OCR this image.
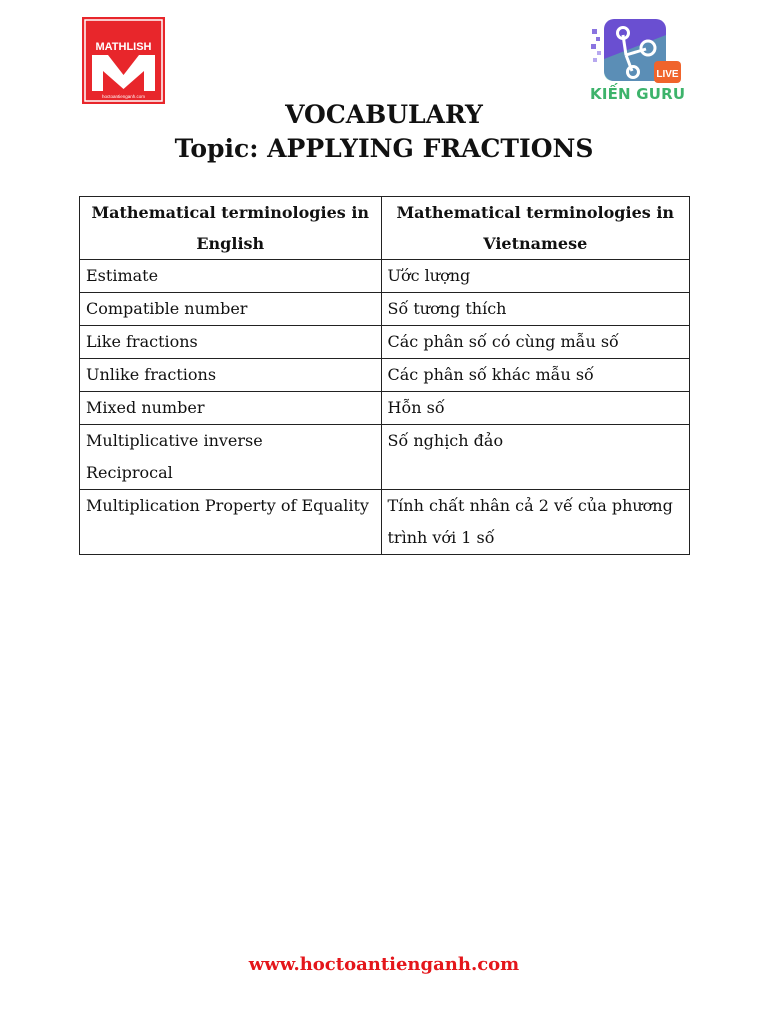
MATHLISH
hoctoantienganh.com
LIVE
KIẾN GURU

VOCABULARY

Topic: APPLYING FRACTIONS

Mathematical terminologies in English	Mathematical terminologies in Vietnamese

Estimate	Ước lượng

Compatible number	Số tương thích

Like fractions	Các phân số có cùng mẫu số

Unlike fractions	Các phân số khác mẫu số

Mixed number	Hỗn số

Multiplicative inverse
Reciprocal	Số nghịch đảo

Multiplication Property of Equality	Tính chất nhân cả 2 vế của phương
trình với 1 số
www.hoctoantienganh.com
